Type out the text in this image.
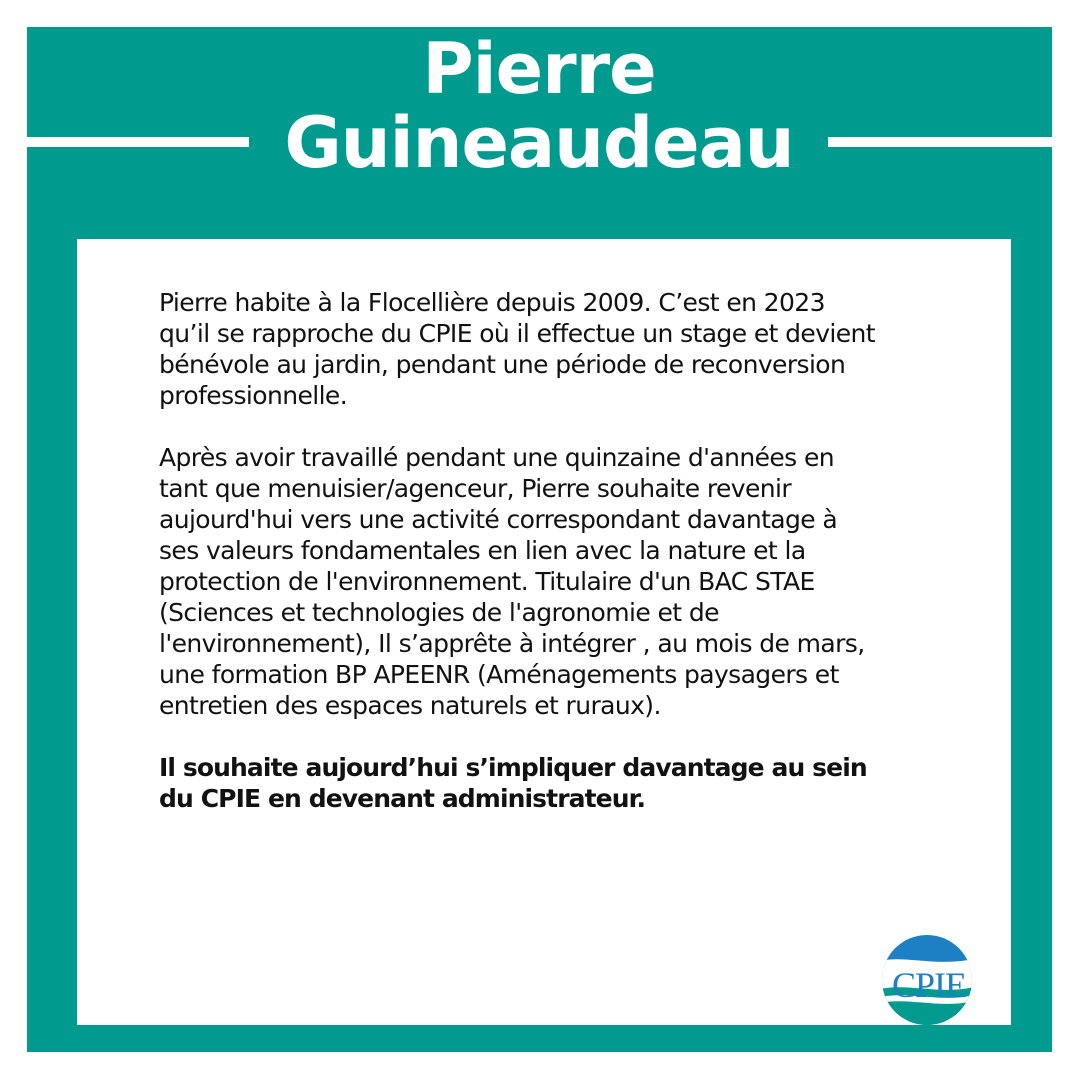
Pierre
Guineaudeau

Pierre habite à la Flocellière depuis 2009. C’est en 2023 qu’il se rapproche du CPIE où il effectue un stage et devient bénévole au jardin, pendant une période de reconversion professionnelle.

Après avoir travaillé pendant une quinzaine d'années en tant que menuisier/agenceur, Pierre souhaite revenir aujourd'hui vers une activité correspondant davantage à ses valeurs fondamentales en lien avec la nature et la protection de l'environnement. Titulaire d'un BAC STAE (Sciences et technologies de l'agronomie et de l'environnement), Il s’apprête à intégrer , au mois de mars, une formation BP APEENR (Aménagements paysagers et entretien des espaces naturels et ruraux).

Il souhaite aujourd’hui s’impliquer davantage au sein du CPIE en devenant administrateur.

CPIE
